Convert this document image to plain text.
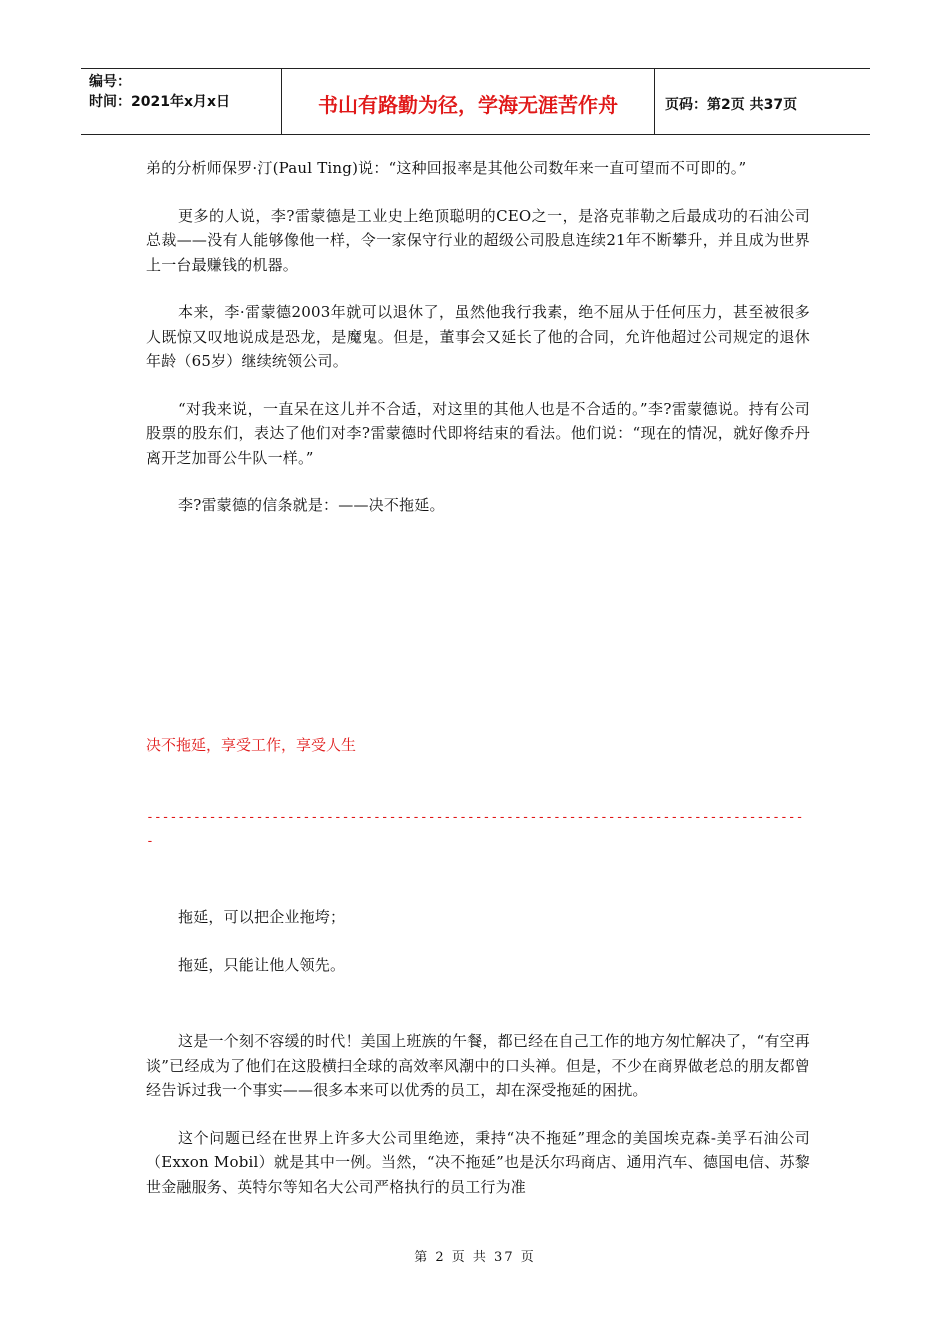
编号：
时间：2021年x月x日	书山有路勤为径，学海无涯苦作舟	页码：第2页 共37页

弟的分析师保罗·汀(Paul Ting)说：“这种回报率是其他公司数年来一直可望而不可即的。”

更多的人说，李?雷蒙德是工业史上绝顶聪明的CEO之一，是洛克菲勒之后最成功的石油公司总裁——没有人能够像他一样，令一家保守行业的超级公司股息连续21年不断攀升，并且成为世界上一台最赚钱的机器。

本来，李·雷蒙德2003年就可以退休了，虽然他我行我素，绝不屈从于任何压力，甚至被很多人既惊又叹地说成是恐龙，是魔鬼。但是，董事会又延长了他的合同，允许他超过公司规定的退休年龄（65岁）继续统领公司。

“对我来说，一直呆在这儿并不合适，对这里的其他人也是不合适的。”李?雷蒙德说。持有公司股票的股东们，表达了他们对李?雷蒙德时代即将结束的看法。他们说：“现在的情况，就好像乔丹离开芝加哥公牛队一样。”

李?雷蒙德的信条就是：——决不拖延。

决不拖延，享受工作，享受人生
-------------------------------------------------------------------------------------

拖延，可以把企业拖垮；

拖延，只能让他人领先。

这是一个刻不容缓的时代！美国上班族的午餐，都已经在自己工作的地方匆忙解决了，“有空再谈”已经成为了他们在这股横扫全球的高效率风潮中的口头禅。但是，不少在商界做老总的朋友都曾经告诉过我一个事实——很多本来可以优秀的员工，却在深受拖延的困扰。

这个问题已经在世界上许多大公司里绝迹，秉持“决不拖延”理念的美国埃克森-美孚石油公司（Exxon Mobil）就是其中一例。当然，“决不拖延”也是沃尔玛商店、通用汽车、德国电信、苏黎世金融服务、英特尔等知名大公司严格执行的员工行为准

第 2 页 共 37 页
